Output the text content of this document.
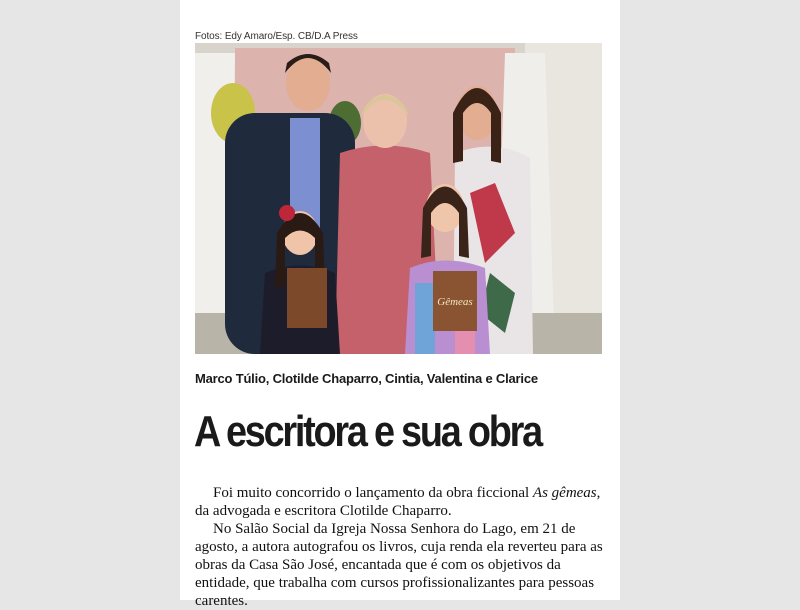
Fotos: Edy Amaro/Esp. CB/D.A Press
Gêmeas
Marco Túlio, Clotilde Chaparro, Cintia, Valentina e Clarice
A escritora e sua obra

Foi muito concorrido o lançamento da obra ficcional As gêmeas, da advogada e escritora Clotilde Chaparro.

No Salão Social da Igreja Nossa Senhora do Lago, em 21 de agosto, a autora autografou os livros, cuja renda ela reverteu para as obras da Casa São José, encantada que é com os objetivos da entidade, que trabalha com cursos profissionalizantes para pessoas carentes.
